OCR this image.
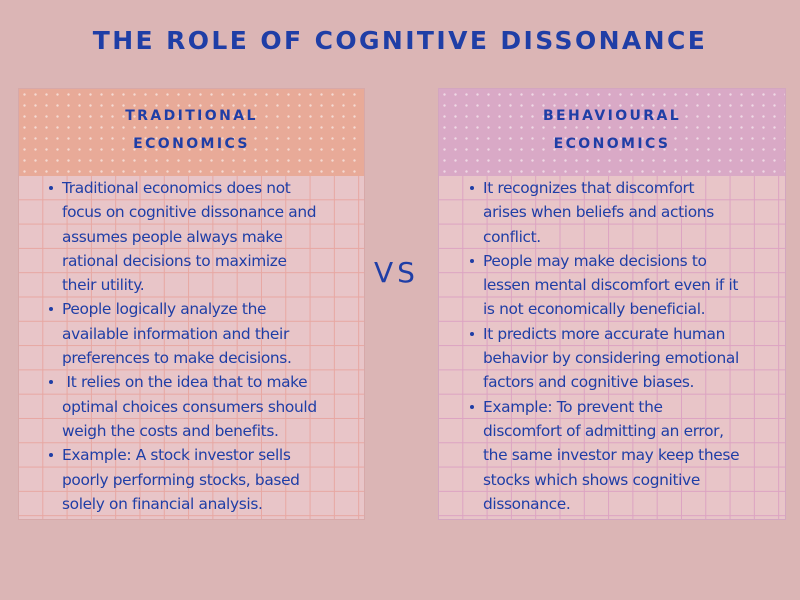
THE ROLE OF COGNITIVE DISSONANCE
TRADITIONAL
ECONOMICS
Traditional economics does not
focus on cognitive dissonance and
assumes people always make
rational decisions to maximize
their utility.
People logically analyze the
available information and their
preferences to make decisions.
It relies on the idea that to make
optimal choices consumers should
weigh the costs and benefits.
Example: A stock investor sells
poorly performing stocks, based
solely on financial analysis.
VS
BEHAVIOURAL
ECONOMICS
It recognizes that discomfort
arises when beliefs and actions
conflict.
People may make decisions to
lessen mental discomfort even if it
is not economically beneficial.
It predicts more accurate human
behavior by considering emotional
factors and cognitive biases.
Example: To prevent the
discomfort of admitting an error,
the same investor may keep these
stocks which shows cognitive
dissonance.
